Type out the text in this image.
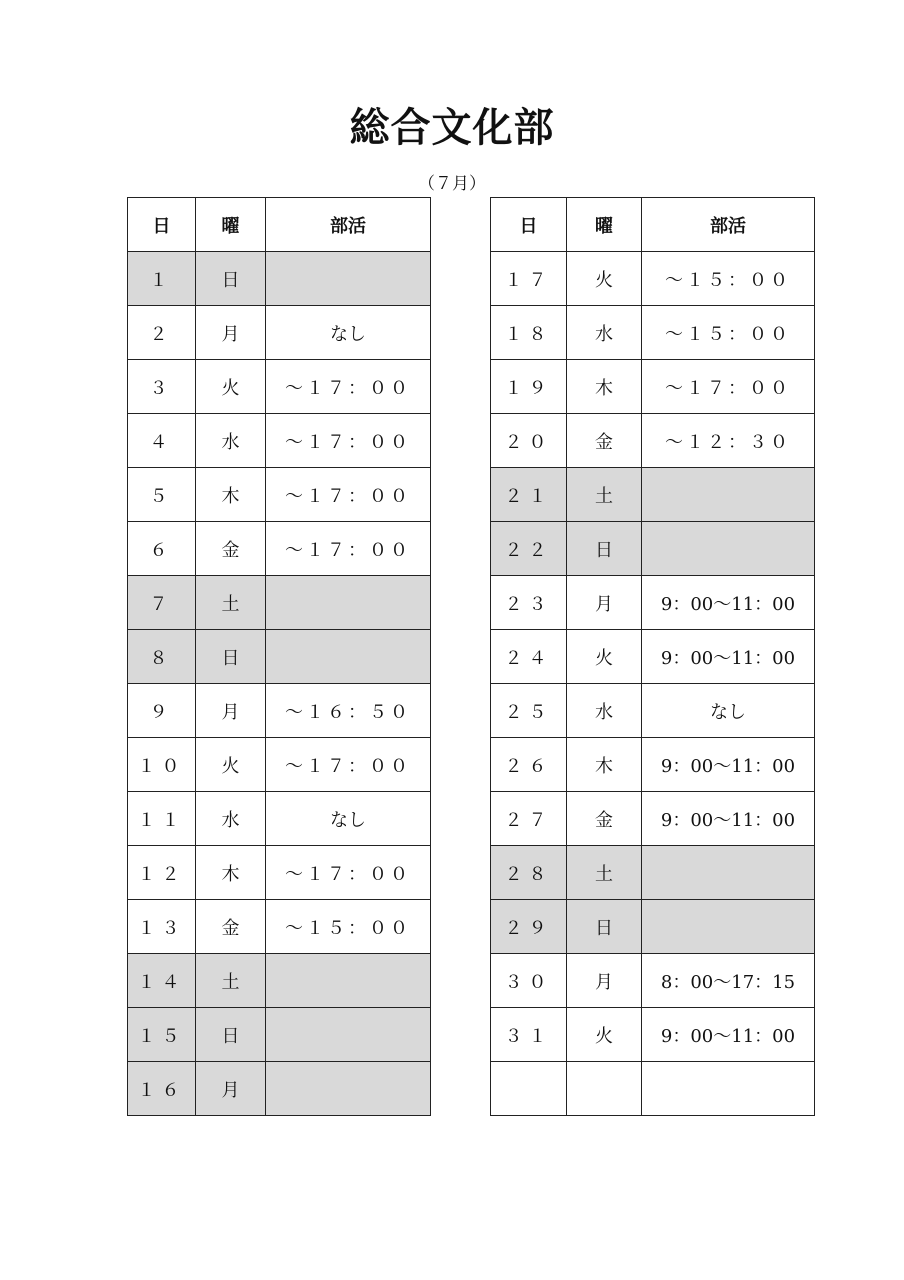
総合文化部
（７月）
日	曜	部活
１	日	
２	月	なし
３	火	～１７：００
４	水	～１７：００
５	木	～１７：００
６	金	～１７：００
７	土	
８	日	
９	月	～１６：５０
１０	火	～１７：００
１１	水	なし
１２	木	～１７：００
１３	金	～１５：００
１４	土	
１５	日	
１６	月	
日	曜	部活
１７	火	～１５：００
１８	水	～１５：００
１９	木	～１７：００
２０	金	～１２：３０
２１	土	
２２	日	
２３	月	9：00～11：00
２４	火	9：00～11：00
２５	水	なし
２６	木	9：00～11：00
２７	金	9：00～11：00
２８	土	
２９	日	
３０	月	8：00～17：15
３１	火	9：00～11：00
